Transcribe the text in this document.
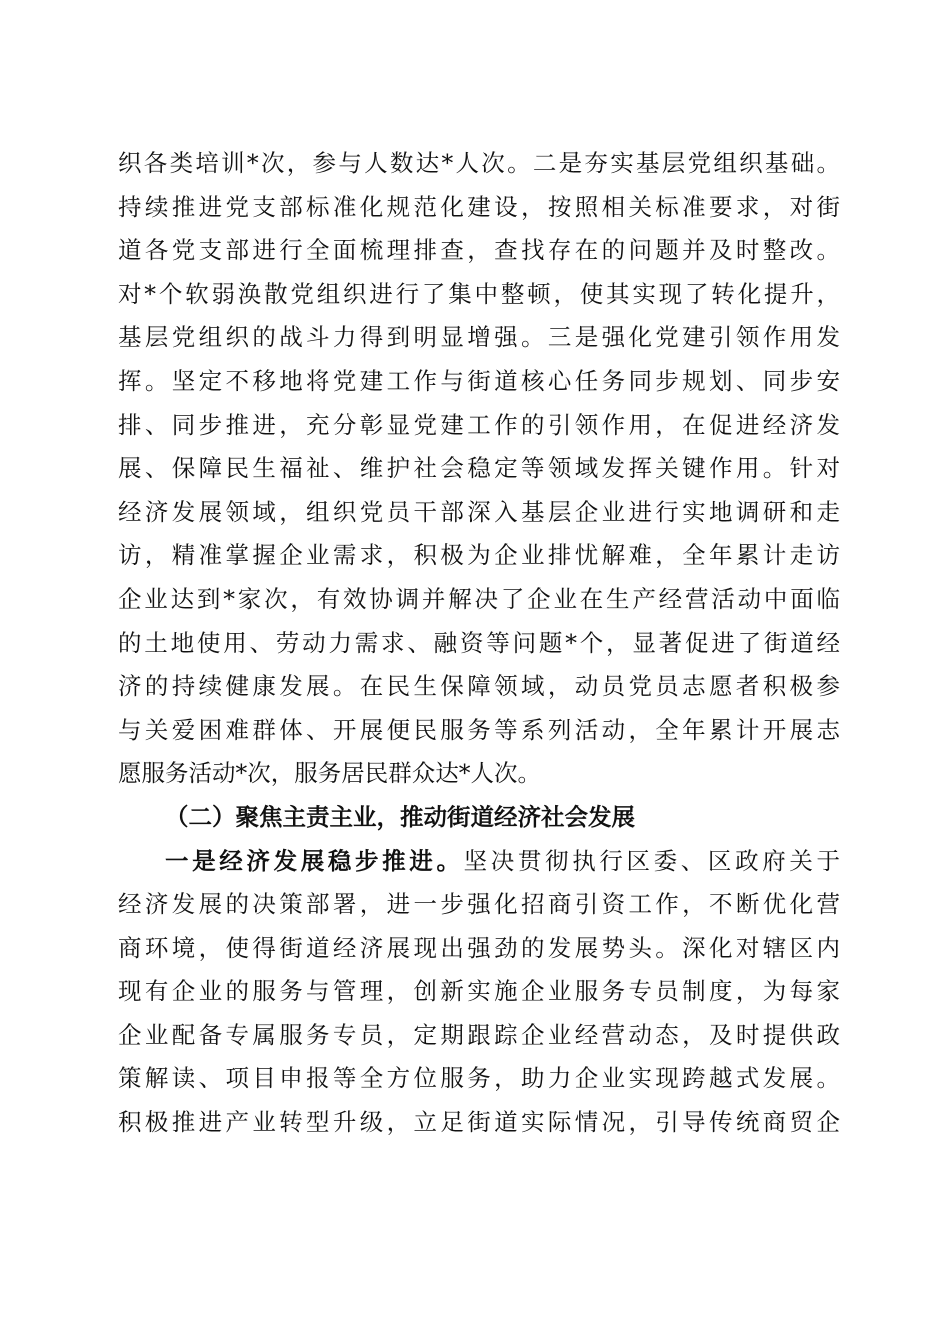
织各类培训*次，参与人数达*人次。二是夯实基层党组织基础。
持续推进党支部标准化规范化建设，按照相关标准要求，对街
道各党支部进行全面梳理排查，查找存在的问题并及时整改。
对*个软弱涣散党组织进行了集中整顿，使其实现了转化提升，
基层党组织的战斗力得到明显增强。三是强化党建引领作用发
挥。坚定不移地将党建工作与街道核心任务同步规划、同步安
排、同步推进，充分彰显党建工作的引领作用，在促进经济发
展、保障民生福祉、维护社会稳定等领域发挥关键作用。针对
经济发展领域，组织党员干部深入基层企业进行实地调研和走
访，精准掌握企业需求，积极为企业排忧解难，全年累计走访
企业达到*家次，有效协调并解决了企业在生产经营活动中面临
的土地使用、劳动力需求、融资等问题*个，显著促进了街道经
济的持续健康发展。在民生保障领域，动员党员志愿者积极参
与关爱困难群体、开展便民服务等系列活动，全年累计开展志
愿服务活动*次，服务居民群众达*人次。
（二）聚焦主责主业，推动街道经济社会发展
一是经济发展稳步推进。坚决贯彻执行区委、区政府关于
经济发展的决策部署，进一步强化招商引资工作，不断优化营
商环境，使得街道经济展现出强劲的发展势头。深化对辖区内
现有企业的服务与管理，创新实施企业服务专员制度，为每家
企业配备专属服务专员，定期跟踪企业经营动态，及时提供政
策解读、项目申报等全方位服务，助力企业实现跨越式发展。
积极推进产业转型升级，立足街道实际情况，引导传统商贸企
